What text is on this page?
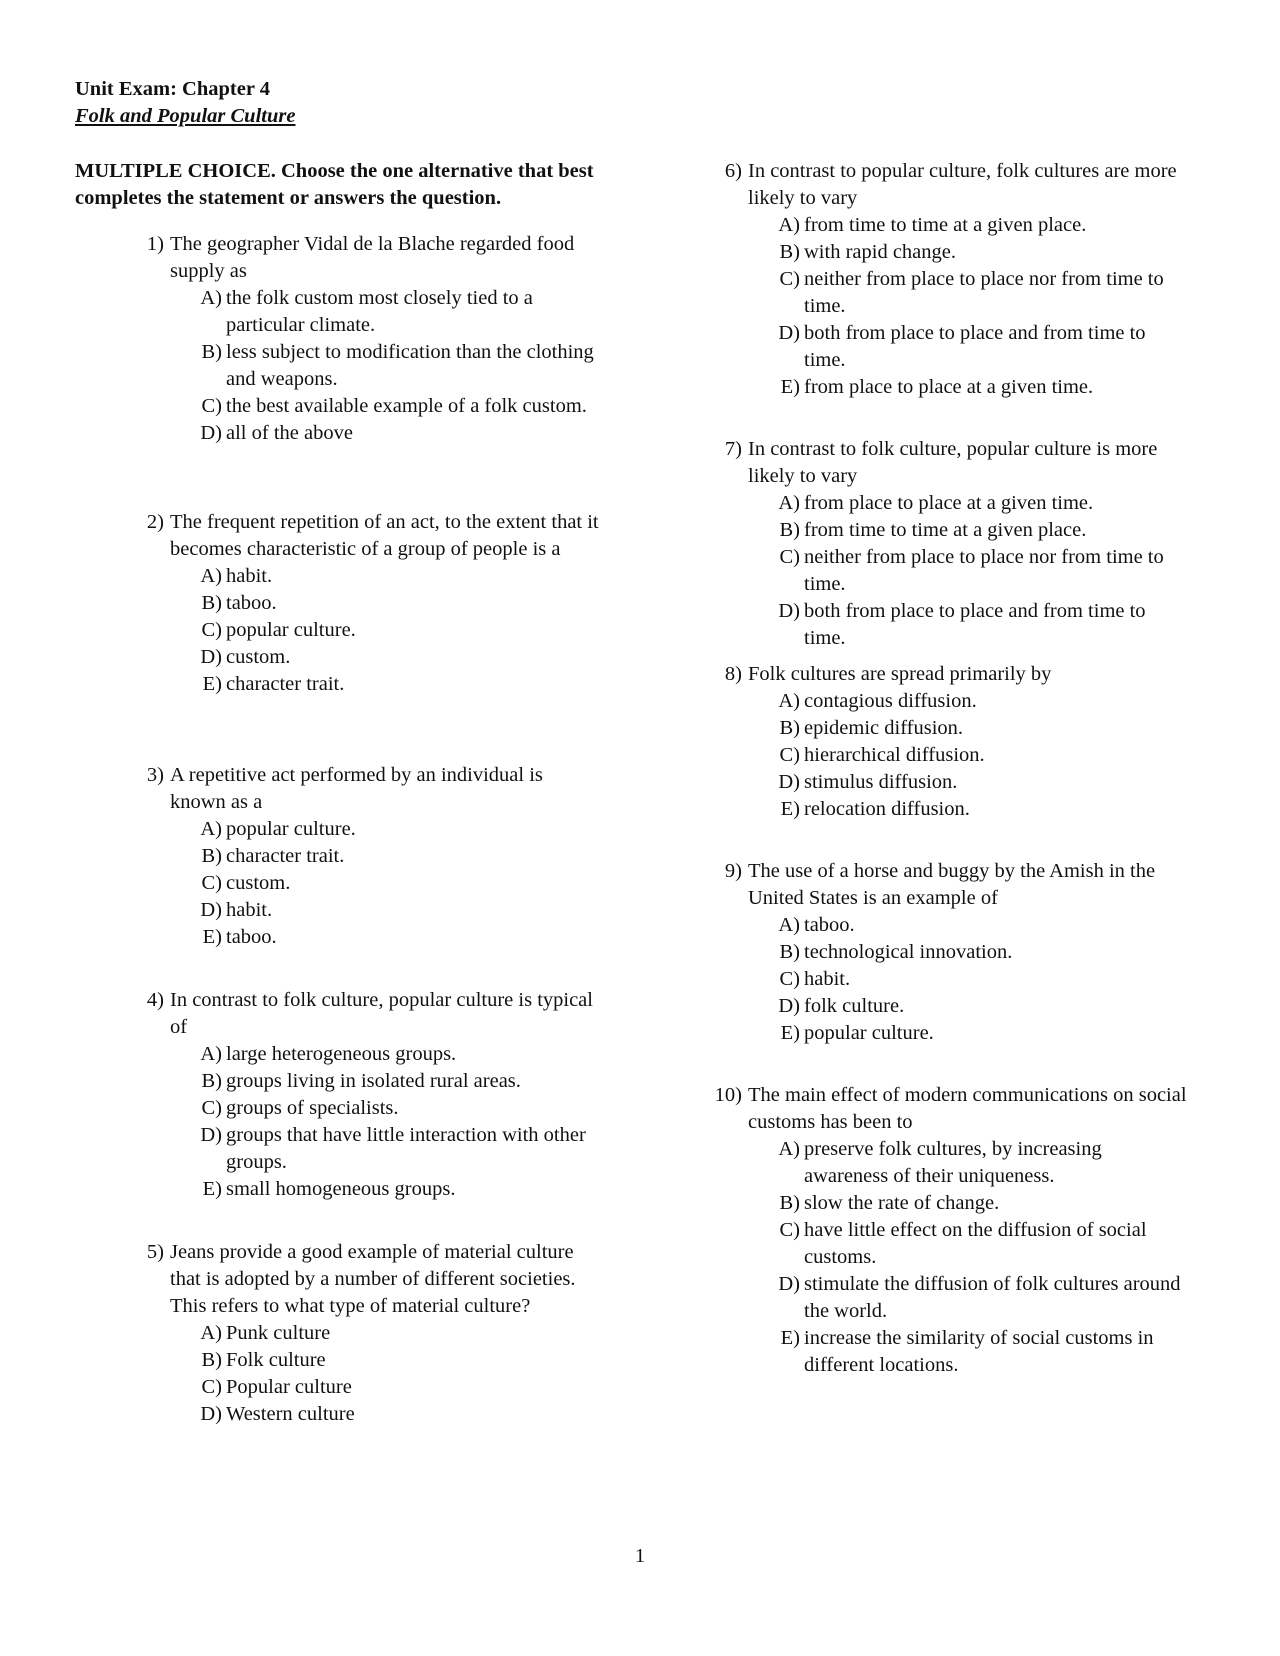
Unit Exam: Chapter 4
Folk and Popular Culture
MULTIPLE CHOICE. Choose the one alternative that best completes the statement or answers the question.
1) The geographer Vidal de la Blache regarded food supply as
A) the folk custom most closely tied to a particular climate.
B) less subject to modification than the clothing and weapons.
C) the best available example of a folk custom.
D) all of the above
2) The frequent repetition of an act, to the extent that it becomes characteristic of a group of people is a
A) habit.
B) taboo.
C) popular culture.
D) custom.
E) character trait.
3) A repetitive act performed by an individual is known as a
A) popular culture.
B) character trait.
C) custom.
D) habit.
E) taboo.
4) In contrast to folk culture, popular culture is typical of
A) large heterogeneous groups.
B) groups living in isolated rural areas.
C) groups of specialists.
D) groups that have little interaction with other groups.
E) small homogeneous groups.
5) Jeans provide a good example of material culture that is adopted by a number of different societies. This refers to what type of material culture?
A) Punk culture
B) Folk culture
C) Popular culture
D) Western culture
6) In contrast to popular culture, folk cultures are more likely to vary
A) from time to time at a given place.
B) with rapid change.
C) neither from place to place nor from time to time.
D) both from place to place and from time to time.
E) from place to place at a given time.
7) In contrast to folk culture, popular culture is more likely to vary
A) from place to place at a given time.
B) from time to time at a given place.
C) neither from place to place nor from time to time.
D) both from place to place and from time to time.
8) Folk cultures are spread primarily by
A) contagious diffusion.
B) epidemic diffusion.
C) hierarchical diffusion.
D) stimulus diffusion.
E) relocation diffusion.
9) The use of a horse and buggy by the Amish in the United States is an example of
A) taboo.
B) technological innovation.
C) habit.
D) folk culture.
E) popular culture.
10) The main effect of modern communications on social customs has been to
A) preserve folk cultures, by increasing awareness of their uniqueness.
B) slow the rate of change.
C) have little effect on the diffusion of social customs.
D) stimulate the diffusion of folk cultures around the world.
E) increase the similarity of social customs in different locations.
1
